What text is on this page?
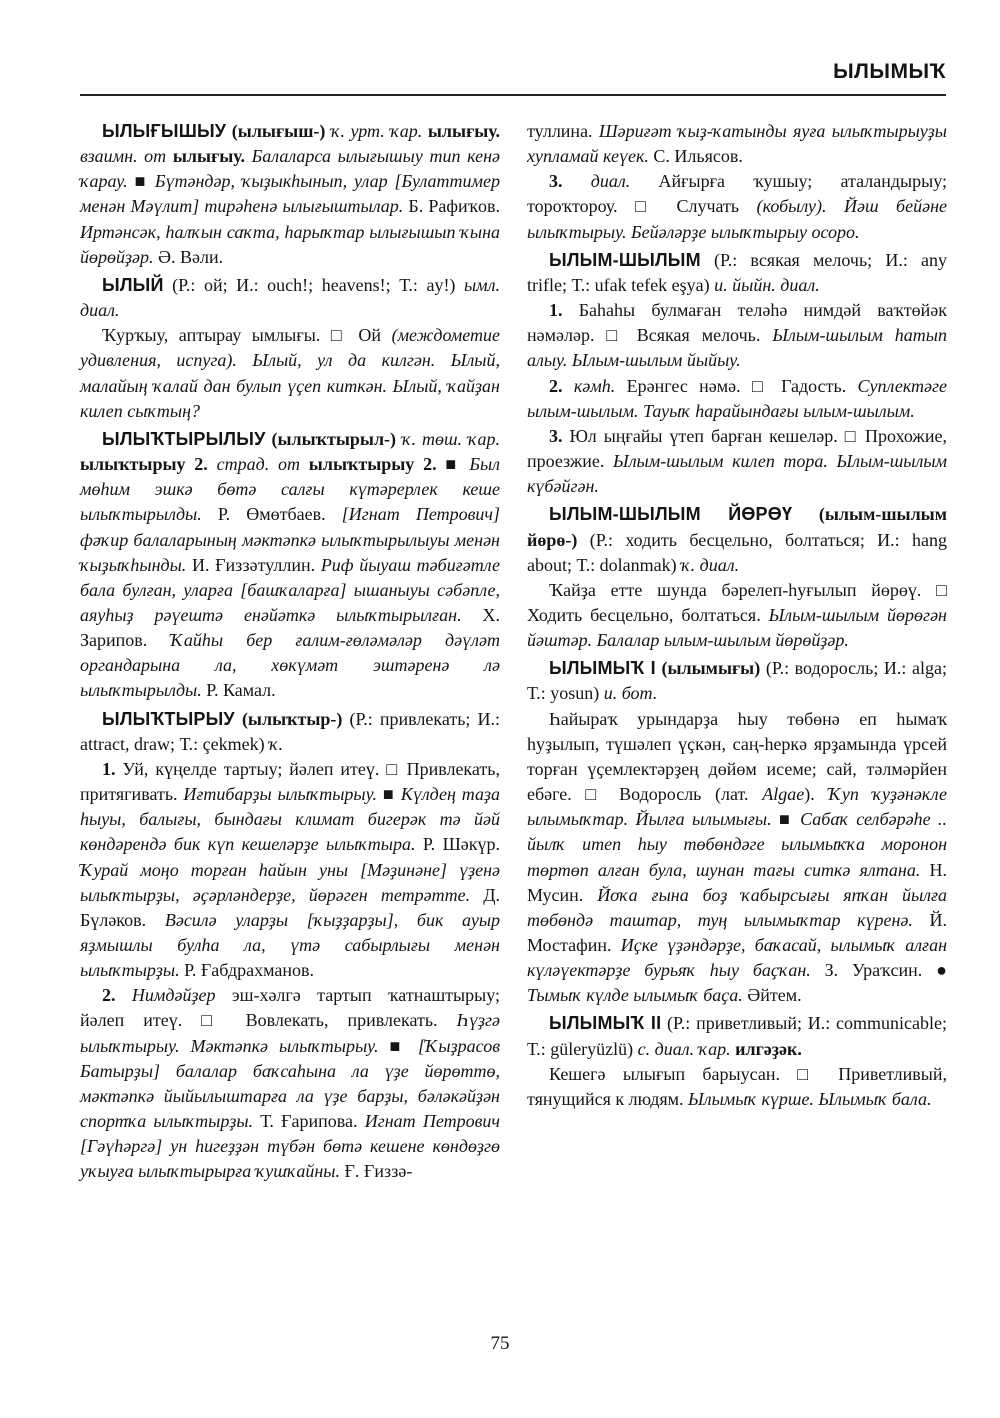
ЫЛЫМЫҠ

ЫЛЫҒЫШЫУ (ылығыш-) ҡ. урт. ҡар. ылығыу. взаимн. от ылығыу. Балаларса ылығышыу тип кенә ҡарау. ■ Бүтәндәр, ҡыҙыкһынып, улар [Булаттимер менән Мәүлит] тирәһенә ылығыштылар. Б. Рафиҡов. Иртәнсәк, һалҡын саҡта, һарыҡтар ылығышып ҡына йөрөйҙәр. Ә. Вәли.

ЫЛЫЙ (Р.: ой; И.: ouch!; heavens!; Т.: ay!) ымл. диал.

Ҡурҡыу, аптырау ымлығы. □ Ой (междометие удивления, испуга). Ылый, ул да килгән. Ылый, малайың ҡалай дан булып үҫеп киткән. Ылый, ҡайҙан килеп сыҡтың?

ЫЛЫҠТЫРЫЛЫУ (ылыҡтырыл-) ҡ. төш. ҡар. ылыҡтырыу 2. страд. от ылыҡтырыу 2. ■ Был мөһим эшкә бөтә салғы күтәрерлек кеше ылыҡтырылды. Р. Өмөтбаев. [Игнат Петрович] фәҡир балаларының мәктәпкә ылыҡтырылыуы менән ҡыҙыҡһынды. И. Ғиззәтуллин. Риф йыуаш тәбиғәтле бала булған, уларға [башҡаларға] ышаныуы сәбәпле, аяуһыҙ рәүештә енәйәткә ылыҡтырылған. Х. Зарипов. Ҡайһы бер ғалим-ғөләмәләр дәүләт органдарына ла, хөкүмәт эштәренә лә ылыҡтырылды. Р. Камал.

ЫЛЫҠТЫРЫУ (ылыҡтыр-) (Р.: привлекать; И.: attract, draw; Т.: çekmek) ҡ.

1. Уй, күңелде тартыу; йәлеп итеү. □ Привлекать, притягивать. Иғтибарҙы ылыҡтырыу. ■ Күлдең таҙа һыуы, балығы, бындағы климат бигерәк тә йәй көндәрендә бик күп кешеләрҙе ылыҡтыра. Р. Шәкүр. Ҡурай моңо торған һайын уны [Мәҙинәне] үҙенә ылыҡтырҙы, әҫәрләндерҙе, йөрәген тетрәтте. Д. Бүләков. Вәсилә уларҙы [ҡыҙҙарҙы], бик ауыр яҙмышлы булһа ла, үтә сабырлығы менән ылыҡтырҙы. Р. Ғабдрахманов.

2. Нимдәйҙер эш-хәлгә тартып ҡатнаштырыу; йәлеп итеү. □ Вовлекать, привлекать. Һүҙгә ылыҡтырыу. Мәктәпкә ылыҡтырыу. ■ [Ҡыҙрасов Батырҙы] балалар баҡсаһына ла үҙе йөрөттө, мәктәпкә йыйылыштарға ла үҙе барҙы, бәләкәйҙән спортҡа ылыҡтырҙы. Т. Ғарипова. Игнат Петрович [Гәүһәргә] ун һигеҙҙән түбән бөтә кешене көндөҙгө уҡыуға ылыҡтырырға ҡушҡайны. Ғ. Ғиззә-

туллина. Шәриғәт ҡыҙ-ҡатынды яуға ылыҡтырыуҙы хупламай кеүек. С. Ильясов.

3. диал. Айғырға ҡушыу; аталандырыу; тороҡтороу. □ Случать (кобылу). Йәш бейәне ылыҡтырыу. Бейәләрҙе ылыҡтырыу осоро.

ЫЛЫМ-ШЫЛЫМ (Р.: всякая мелочь; И.: any trifle; Т.: ufak tefek eşya) и. йыйн. диал.

1. Баһаһы булмаған теләһә нимдәй ваҡтөйәк нәмәләр. □ Всякая мелочь. Ылым-шылым һатып алыу. Ылым-шылым йыйыу.

2. кәмһ. Ерәнгес нәмә. □ Гадость. Суплектәге ылым-шылым. Тауыҡ һарайындағы ылым-шылым.

3. Юл ыңғайы үтеп барған кешеләр. □ Прохожие, проезжие. Ылым-шылым килеп тора. Ылым-шылым күбәйгән.

ЫЛЫМ-ШЫЛЫМ ЙӨРӨҮ (ылым-шылым йөрө-) (Р.: ходить бесцельно, болтаться; И.: hang about; Т.: dolanmak) ҡ. диал.

Ҡайҙа етте шунда бәрелеп-һуғылып йөрөү. □ Ходить бесцельно, болтаться. Ылым-шылым йөрөгән йәштәр. Балалар ылым-шылым йөрөйҙәр.

ЫЛЫМЫҠ I (ылымығы) (Р.: водоросль; И.: alga; Т.: yosun) и. бот.

Һайыраҡ урындарҙа һыу төбөнә еп һымаҡ һуҙылып, түшәлеп үҫкән, саң-һеркә ярҙамында үрсей торған үҫемлектәрҙең дөйөм исеме; сай, тәлмәрйен ебәге. □ Водоросль (лат. Algae). Ҡуп ҡуҙәнәкле ылымыҡтар. Йылға ылымығы. ■ Сабаҡ селбәрәһе .. йылҡ итеп һыу төбөндәге ылымыҡҡа моронон төртөп алған була, шунан тағы ситкә ялтана. Н. Мусин. Йоҡа ғына боҙ ҡабырсығы япҡан йылға төбөндә таштар, туң ылымыҡтар күренә. Й. Мостафин. Иҫке үҙәндәрҙе, баҡасай, ылымыҡ алған күләүектәрҙе бурьяҡ һыу баҫҡан. З. Ураҡсин. ● Тымыҡ күлде ылымыҡ баҫа. Әйтем.

ЫЛЫМЫҠ II (Р.: приветливый; И.: communicable; Т.: güleryüzlü) с. диал. ҡар. илгәҙәк.

Кешегә ылығып барыусан. □ Приветливый, тянущийся к людям. Ылымыҡ күрше. Ылымыҡ бала.

75
